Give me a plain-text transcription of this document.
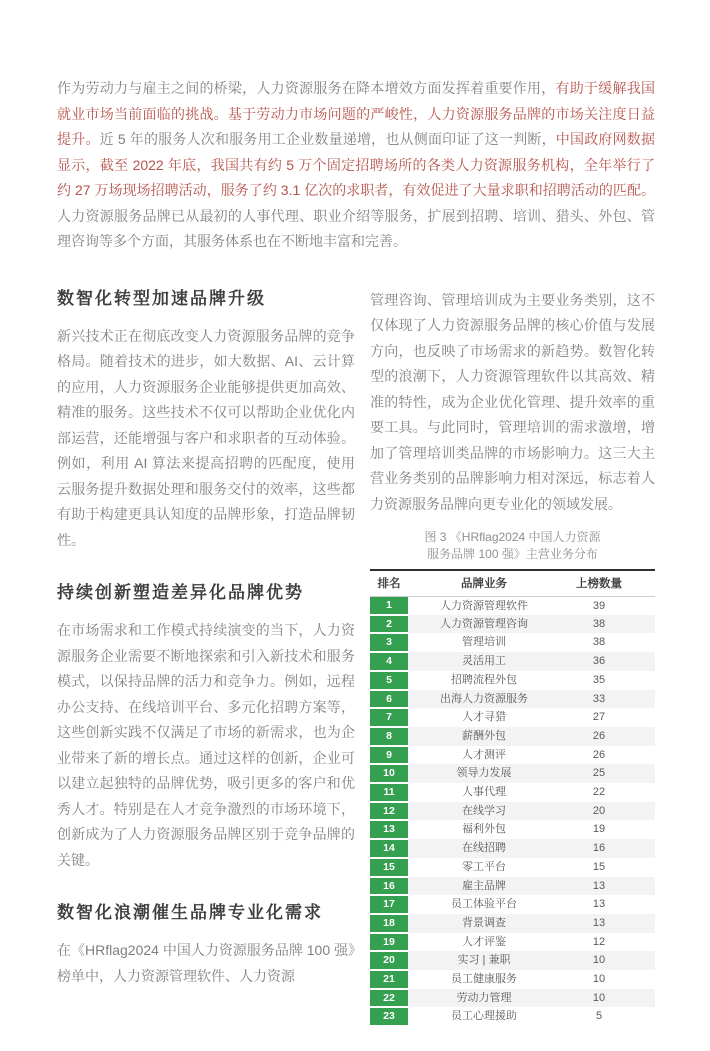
作为劳动力与雇主之间的桥梁，人力资源服务在降本增效方面发挥着重要作用，有助于缓解我国就业市场当前面临的挑战。基于劳动力市场问题的严峻性，人力资源服务品牌的市场关注度日益提升。近 5 年的服务人次和服务用工企业数量递增，也从侧面印证了这一判断，中国政府网数据显示，截至 2022 年底，我国共有约 5 万个固定招聘场所的各类人力资源服务机构，全年举行了约 27 万场现场招聘活动，服务了约 3.1 亿次的求职者，有效促进了大量求职和招聘活动的匹配。人力资源服务品牌已从最初的人事代理、职业介绍等服务，扩展到招聘、培训、猎头、外包、管理咨询等多个方面，其服务体系也在不断地丰富和完善。

数智化转型加速品牌升级

新兴技术正在彻底改变人力资源服务品牌的竞争格局。随着技术的进步，如大数据、AI、云计算的应用，人力资源服务企业能够提供更加高效、精准的服务。这些技术不仅可以帮助企业优化内部运营，还能增强与客户和求职者的互动体验。例如，利用 AI 算法来提高招聘的匹配度，使用云服务提升数据处理和服务交付的效率，这些都有助于构建更具认知度的品牌形象，打造品牌韧性。

持续创新塑造差异化品牌优势

在市场需求和工作模式持续演变的当下，人力资源服务企业需要不断地探索和引入新技术和服务模式，以保持品牌的活力和竞争力。例如，远程办公支持、在线培训平台、多元化招聘方案等，这些创新实践不仅满足了市场的新需求，也为企业带来了新的增长点。通过这样的创新，企业可以建立起独特的品牌优势，吸引更多的客户和优秀人才。特别是在人才竞争激烈的市场环境下，创新成为了人力资源服务品牌区别于竞争品牌的关键。

数智化浪潮催生品牌专业化需求

在《HRflag2024 中国人力资源服务品牌 100 强》榜单中，人力资源管理软件、人力资源

管理咨询、管理培训成为主要业务类别，这不仅体现了人力资源服务品牌的核心价值与发展方向，也反映了市场需求的新趋势。数智化转型的浪潮下，人力资源管理软件以其高效、精准的特性，成为企业优化管理、提升效率的重要工具。与此同时，管理培训的需求激增，增加了管理培训类品牌的市场影响力。这三大主营业务类别的品牌影响力相对深远，标志着人力资源服务品牌向更专业化的领域发展。

图 3 《HRflag2024 中国人力资源
服务品牌 100 强》主营业务分布

排名	品牌业务	上榜数量	
1	人力资源管理软件	39	
2	人力资源管理咨询	38	
3	管理培训	38	
4	灵活用工	36	
5	招聘流程外包	35	
6	出海人力资源服务	33	
7	人才寻猎	27	
8	薪酬外包	26	
9	人才测评	26	
10	领导力发展	25	
11	人事代理	22	
12	在线学习	20	
13	福利外包	19	
14	在线招聘	16	
15	零工平台	15	
16	雇主品牌	13	
17	员工体验平台	13	
18	背景调查	13	
19	人才评鉴	12	
20	实习 | 兼职	10	
21	员工健康服务	10	
22	劳动力管理	10	
23	员工心理援助	5	
